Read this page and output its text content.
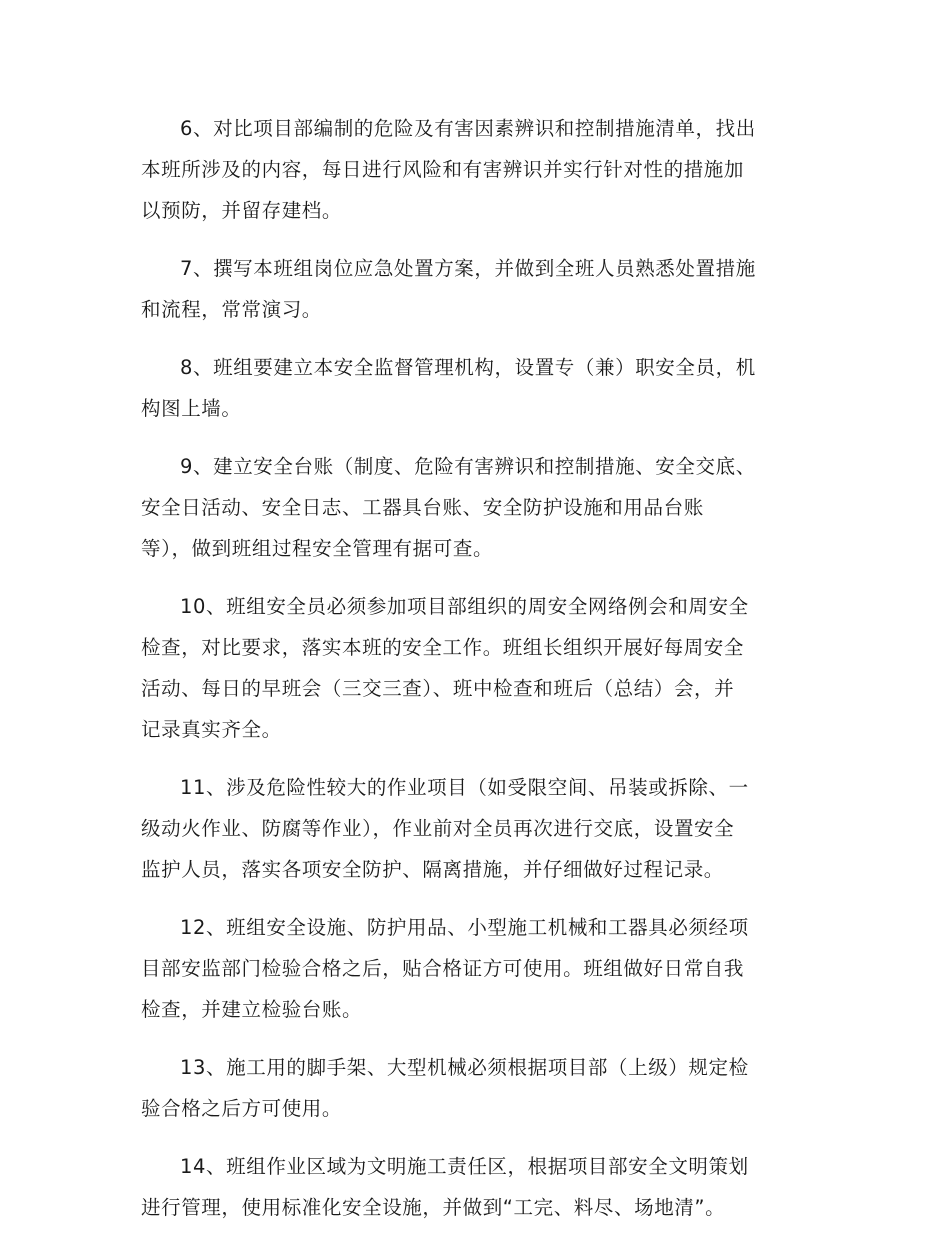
6、对比项目部编制的危险及有害因素辨识和控制措施清单，找出
本班所涉及的内容，每日进行风险和有害辨识并实行针对性的措施加
以预防，并留存建档。

7、撰写本班组岗位应急处置方案，并做到全班人员熟悉处置措施
和流程，常常演习。

8、班组要建立本安全监督管理机构，设置专（兼）职安全员，机
构图上墙。

9、建立安全台账（制度、危险有害辨识和控制措施、安全交底、
安全日活动、安全日志、工器具台账、安全防护设施和用品台账
等），做到班组过程安全管理有据可查。

10、班组安全员必须参加项目部组织的周安全网络例会和周安全
检查，对比要求，落实本班的安全工作。班组长组织开展好每周安全
活动、每日的早班会（三交三查）、班中检查和班后（总结）会，并
记录真实齐全。

11、涉及危险性较大的作业项目（如受限空间、吊装或拆除、一
级动火作业、防腐等作业），作业前对全员再次进行交底，设置安全
监护人员，落实各项安全防护、隔离措施，并仔细做好过程记录。

12、班组安全设施、防护用品、小型施工机械和工器具必须经项
目部安监部门检验合格之后，贴合格证方可使用。班组做好日常自我
检查，并建立检验台账。

13、施工用的脚手架、大型机械必须根据项目部（上级）规定检
验合格之后方可使用。

14、班组作业区域为文明施工责任区，根据项目部安全文明策划
进行管理，使用标准化安全设施，并做到“工完、料尽、场地清”。
